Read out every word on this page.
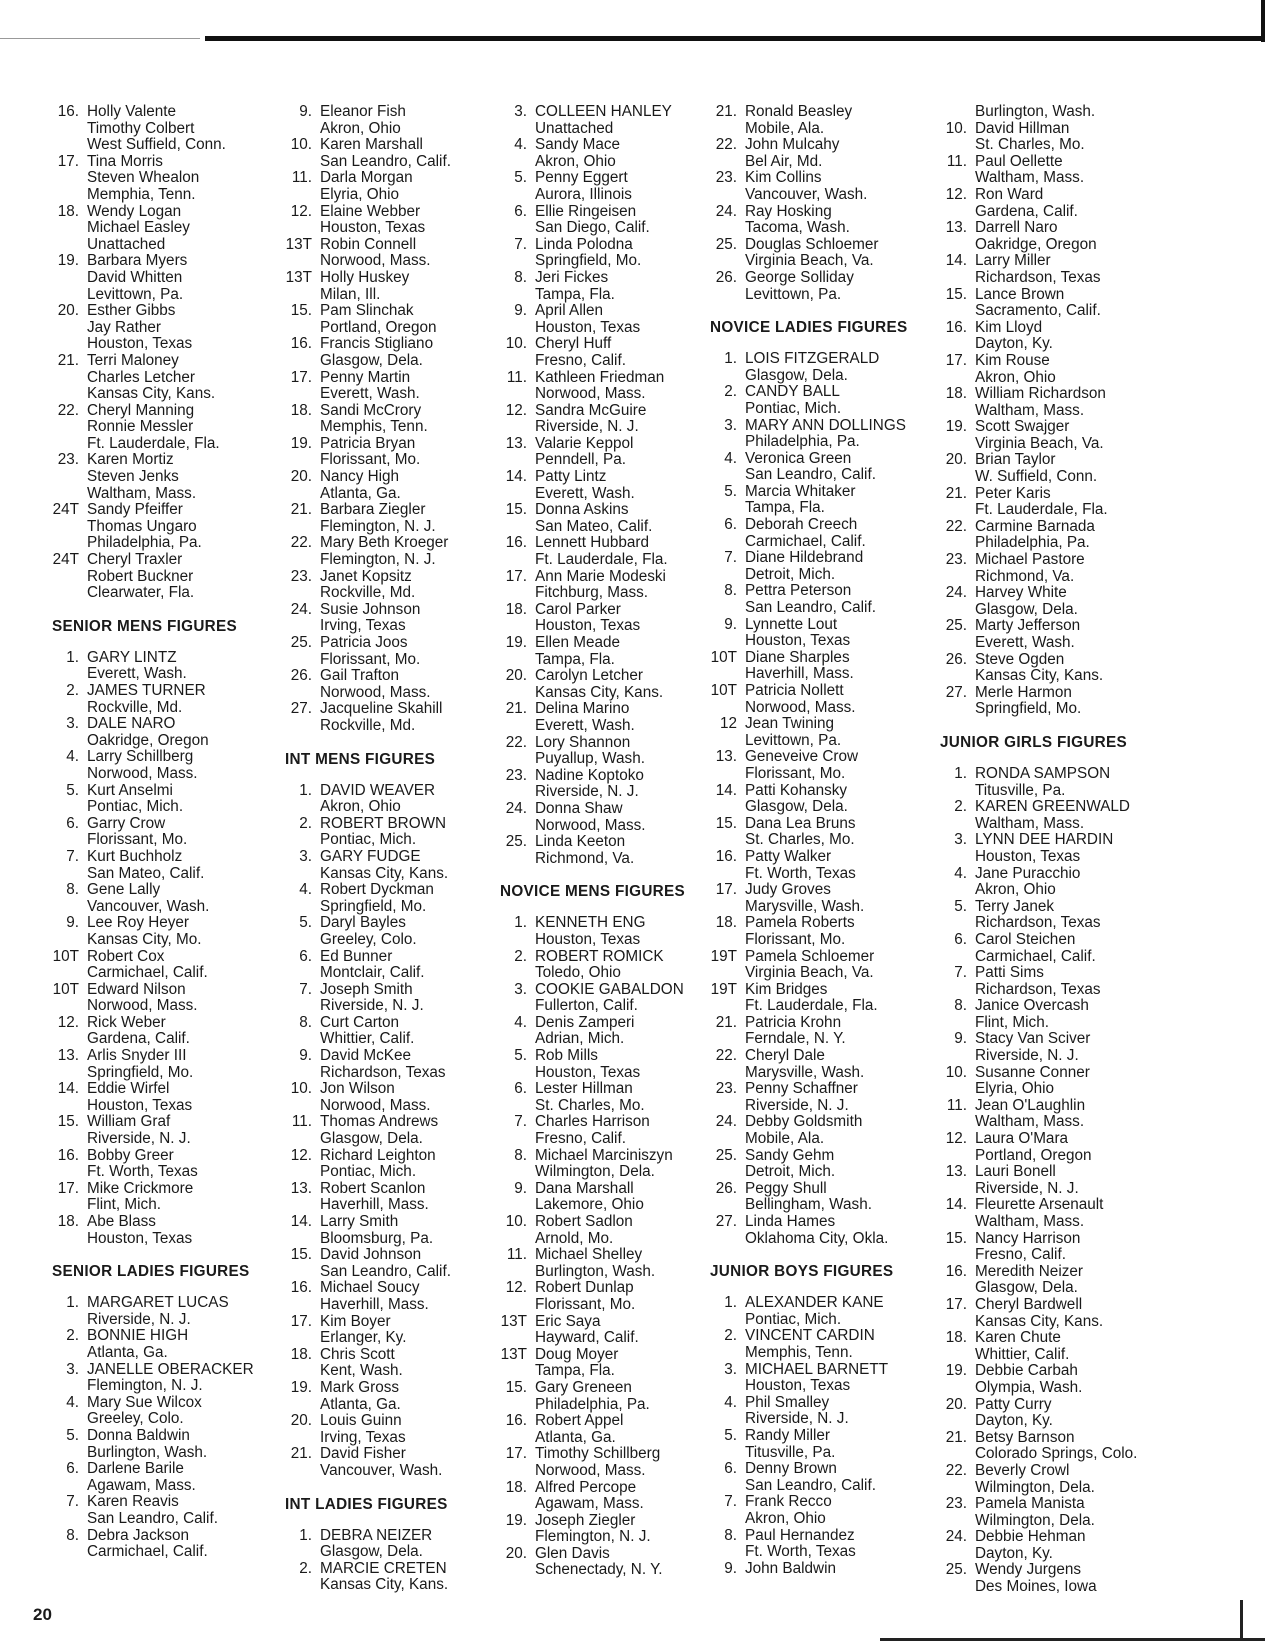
16. Holly Valente
Timothy Colbert
West Suffield, Conn.
17. Tina Morris
Steven Whealon
Memphia, Tenn.
18. Wendy Logan
Michael Easley
Unattached
19. Barbara Myers
David Whitten
Levittown, Pa.
20. Esther Gibbs
Jay Rather
Houston, Texas
21. Terri Maloney
Charles Letcher
Kansas City, Kans.
22. Cheryl Manning
Ronnie Messler
Ft. Lauderdale, Fla.
23. Karen Mortiz
Steven Jenks
Waltham, Mass.
24T Sandy Pfeiffer
Thomas Ungaro
Philadelphia, Pa.
24T Cheryl Traxler
Robert Buckner
Clearwater, Fla.
SENIOR MENS FIGURES
1. GARY LINTZ
Everett, Wash.
2. JAMES TURNER
Rockville, Md.
3. DALE NARO
Oakridge, Oregon
4. Larry Schillberg
Norwood, Mass.
5. Kurt Anselmi
Pontiac, Mich.
6. Garry Crow
Florissant, Mo.
7. Kurt Buchholz
San Mateo, Calif.
8. Gene Lally
Vancouver, Wash.
9. Lee Roy Heyer
Kansas City, Mo.
10T Robert Cox
Carmichael, Calif.
10T Edward Nilson
Norwood, Mass.
12. Rick Weber
Gardena, Calif.
13. Arlis Snyder III
Springfield, Mo.
14. Eddie Wirfel
Houston, Texas
15. William Graf
Riverside, N. J.
16. Bobby Greer
Ft. Worth, Texas
17. Mike Crickmore
Flint, Mich.
18. Abe Blass
Houston, Texas
SENIOR LADIES FIGURES
1. MARGARET LUCAS
Riverside, N. J.
2. BONNIE HIGH
Atlanta, Ga.
3. JANELLE OBERACKER
Flemington, N. J.
4. Mary Sue Wilcox
Greeley, Colo.
5. Donna Baldwin
Burlington, Wash.
6. Darlene Barile
Agawam, Mass.
7. Karen Reavis
San Leandro, Calif.
8. Debra Jackson
Carmichael, Calif.
9. Eleanor Fish
Akron, Ohio
10. Karen Marshall
San Leandro, Calif.
11. Darla Morgan
Elyria, Ohio
12. Elaine Webber
Houston, Texas
13T Robin Connell
Norwood, Mass.
13T Holly Huskey
Milan, Ill.
15. Pam Slinchak
Portland, Oregon
16. Francis Stigliano
Glasgow, Dela.
17. Penny Martin
Everett, Wash.
18. Sandi McCrory
Memphis, Tenn.
19. Patricia Bryan
Florissant, Mo.
20. Nancy High
Atlanta, Ga.
21. Barbara Ziegler
Flemington, N. J.
22. Mary Beth Kroeger
Flemington, N. J.
23. Janet Kopsitz
Rockville, Md.
24. Susie Johnson
Irving, Texas
25. Patricia Joos
Florissant, Mo.
26. Gail Trafton
Norwood, Mass.
27. Jacqueline Skahill
Rockville, Md.
INT MENS FIGURES
1. DAVID WEAVER
Akron, Ohio
2. ROBERT BROWN
Pontiac, Mich.
3. GARY FUDGE
Kansas City, Kans.
4. Robert Dyckman
Springfield, Mo.
5. Daryl Bayles
Greeley, Colo.
6. Ed Bunner
Montclair, Calif.
7. Joseph Smith
Riverside, N. J.
8. Curt Carton
Whittier, Calif.
9. David McKee
Richardson, Texas
10. Jon Wilson
Norwood, Mass.
11. Thomas Andrews
Glasgow, Dela.
12. Richard Leighton
Pontiac, Mich.
13. Robert Scanlon
Haverhill, Mass.
14. Larry Smith
Bloomsburg, Pa.
15. David Johnson
San Leandro, Calif.
16. Michael Soucy
Haverhill, Mass.
17. Kim Boyer
Erlanger, Ky.
18. Chris Scott
Kent, Wash.
19. Mark Gross
Atlanta, Ga.
20. Louis Guinn
Irving, Texas
21. David Fisher
Vancouver, Wash.
INT LADIES FIGURES
1. DEBRA NEIZER
Glasgow, Dela.
2. MARCIE CRETEN
Kansas City, Kans.
3. COLLEEN HANLEY
Unattached
4. Sandy Mace
Akron, Ohio
5. Penny Eggert
Aurora, Illinois
6. Ellie Ringeisen
San Diego, Calif.
7. Linda Polodna
Springfield, Mo.
8. Jeri Fickes
Tampa, Fla.
9. April Allen
Houston, Texas
10. Cheryl Huff
Fresno, Calif.
11. Kathleen Friedman
Norwood, Mass.
12. Sandra McGuire
Riverside, N. J.
13. Valarie Keppol
Penndell, Pa.
14. Patty Lintz
Everett, Wash.
15. Donna Askins
San Mateo, Calif.
16. Lennett Hubbard
Ft. Lauderdale, Fla.
17. Ann Marie Modeski
Fitchburg, Mass.
18. Carol Parker
Houston, Texas
19. Ellen Meade
Tampa, Fla.
20. Carolyn Letcher
Kansas City, Kans.
21. Delina Marino
Everett, Wash.
22. Lory Shannon
Puyallup, Wash.
23. Nadine Koptoko
Riverside, N. J.
24. Donna Shaw
Norwood, Mass.
25. Linda Keeton
Richmond, Va.
NOVICE MENS FIGURES
1. KENNETH ENG
Houston, Texas
2. ROBERT ROMICK
Toledo, Ohio
3. COOKIE GABALDON
Fullerton, Calif.
4. Denis Zamperi
Adrian, Mich.
5. Rob Mills
Houston, Texas
6. Lester Hillman
St. Charles, Mo.
7. Charles Harrison
Fresno, Calif.
8. Michael Marciniszyn
Wilmington, Dela.
9. Dana Marshall
Lakemore, Ohio
10. Robert Sadlon
Arnold, Mo.
11. Michael Shelley
Burlington, Wash.
12. Robert Dunlap
Florissant, Mo.
13T Eric Saya
Hayward, Calif.
13T Doug Moyer
Tampa, Fla.
15. Gary Greneen
Philadelphia, Pa.
16. Robert Appel
Atlanta, Ga.
17. Timothy Schillberg
Norwood, Mass.
18. Alfred Percope
Agawam, Mass.
19. Joseph Ziegler
Flemington, N. J.
20. Glen Davis
Schenectady, N. Y.
21. Ronald Beasley
Mobile, Ala.
22. John Mulcahy
Bel Air, Md.
23. Kim Collins
Vancouver, Wash.
24. Ray Hosking
Tacoma, Wash.
25. Douglas Schloemer
Virginia Beach, Va.
26. George Solliday
Levittown, Pa.
NOVICE LADIES FIGURES
1. LOIS FITZGERALD
Glasgow, Dela.
2. CANDY BALL
Pontiac, Mich.
3. MARY ANN DOLLINGS
Philadelphia, Pa.
4. Veronica Green
San Leandro, Calif.
5. Marcia Whitaker
Tampa, Fla.
6. Deborah Creech
Carmichael, Calif.
7. Diane Hildebrand
Detroit, Mich.
8. Pettra Peterson
San Leandro, Calif.
9. Lynnette Lout
Houston, Texas
10T Diane Sharples
Haverhill, Mass.
10T Patricia Nollett
Norwood, Mass.
12 Jean Twining
Levittown, Pa.
13. Geneveive Crow
Florissant, Mo.
14. Patti Kohansky
Glasgow, Dela.
15. Dana Lea Bruns
St. Charles, Mo.
16. Patty Walker
Ft. Worth, Texas
17. Judy Groves
Marysville, Wash.
18. Pamela Roberts
Florissant, Mo.
19T Pamela Schloemer
Virginia Beach, Va.
19T Kim Bridges
Ft. Lauderdale, Fla.
21. Patricia Krohn
Ferndale, N. Y.
22. Cheryl Dale
Marysville, Wash.
23. Penny Schaffner
Riverside, N. J.
24. Debby Goldsmith
Mobile, Ala.
25. Sandy Gehm
Detroit, Mich.
26. Peggy Shull
Bellingham, Wash.
27. Linda Hames
Oklahoma City, Okla.
JUNIOR BOYS FIGURES
1. ALEXANDER KANE
Pontiac, Mich.
2. VINCENT CARDIN
Memphis, Tenn.
3. MICHAEL BARNETT
Houston, Texas
4. Phil Smalley
Riverside, N. J.
5. Randy Miller
Titusville, Pa.
6. Denny Brown
San Leandro, Calif.
7. Frank Recco
Akron, Ohio
8. Paul Hernandez
Ft. Worth, Texas
9. John Baldwin
Burlington, Wash.
10. David Hillman
St. Charles, Mo.
11. Paul Oellette
Waltham, Mass.
12. Ron Ward
Gardena, Calif.
13. Darrell Naro
Oakridge, Oregon
14. Larry Miller
Richardson, Texas
15. Lance Brown
Sacramento, Calif.
16. Kim Lloyd
Dayton, Ky.
17. Kim Rouse
Akron, Ohio
18. William Richardson
Waltham, Mass.
19. Scott Swajger
Virginia Beach, Va.
20. Brian Taylor
W. Suffield, Conn.
21. Peter Karis
Ft. Lauderdale, Fla.
22. Carmine Barnada
Philadelphia, Pa.
23. Michael Pastore
Richmond, Va.
24. Harvey White
Glasgow, Dela.
25. Marty Jefferson
Everett, Wash.
26. Steve Ogden
Kansas City, Kans.
27. Merle Harmon
Springfield, Mo.
JUNIOR GIRLS FIGURES
1. RONDA SAMPSON
Titusville, Pa.
2. KAREN GREENWALD
Waltham, Mass.
3. LYNN DEE HARDIN
Houston, Texas
4. Jane Puracchio
Akron, Ohio
5. Terry Janek
Richardson, Texas
6. Carol Steichen
Carmichael, Calif.
7. Patti Sims
Richardson, Texas
8. Janice Overcash
Flint, Mich.
9. Stacy Van Sciver
Riverside, N. J.
10. Susanne Conner
Elyria, Ohio
11. Jean O'Laughlin
Waltham, Mass.
12. Laura O'Mara
Portland, Oregon
13. Lauri Bonell
Riverside, N. J.
14. Fleurette Arsenault
Waltham, Mass.
15. Nancy Harrison
Fresno, Calif.
16. Meredith Neizer
Glasgow, Dela.
17. Cheryl Bardwell
Kansas City, Kans.
18. Karen Chute
Whittier, Calif.
19. Debbie Carbah
Olympia, Wash.
20. Patty Curry
Dayton, Ky.
21. Betsy Barnson
Colorado Springs, Colo.
22. Beverly Crowl
Wilmington, Dela.
23. Pamela Manista
Wilmington, Dela.
24. Debbie Hehman
Dayton, Ky.
25. Wendy Jurgens
Des Moines, Iowa
20
